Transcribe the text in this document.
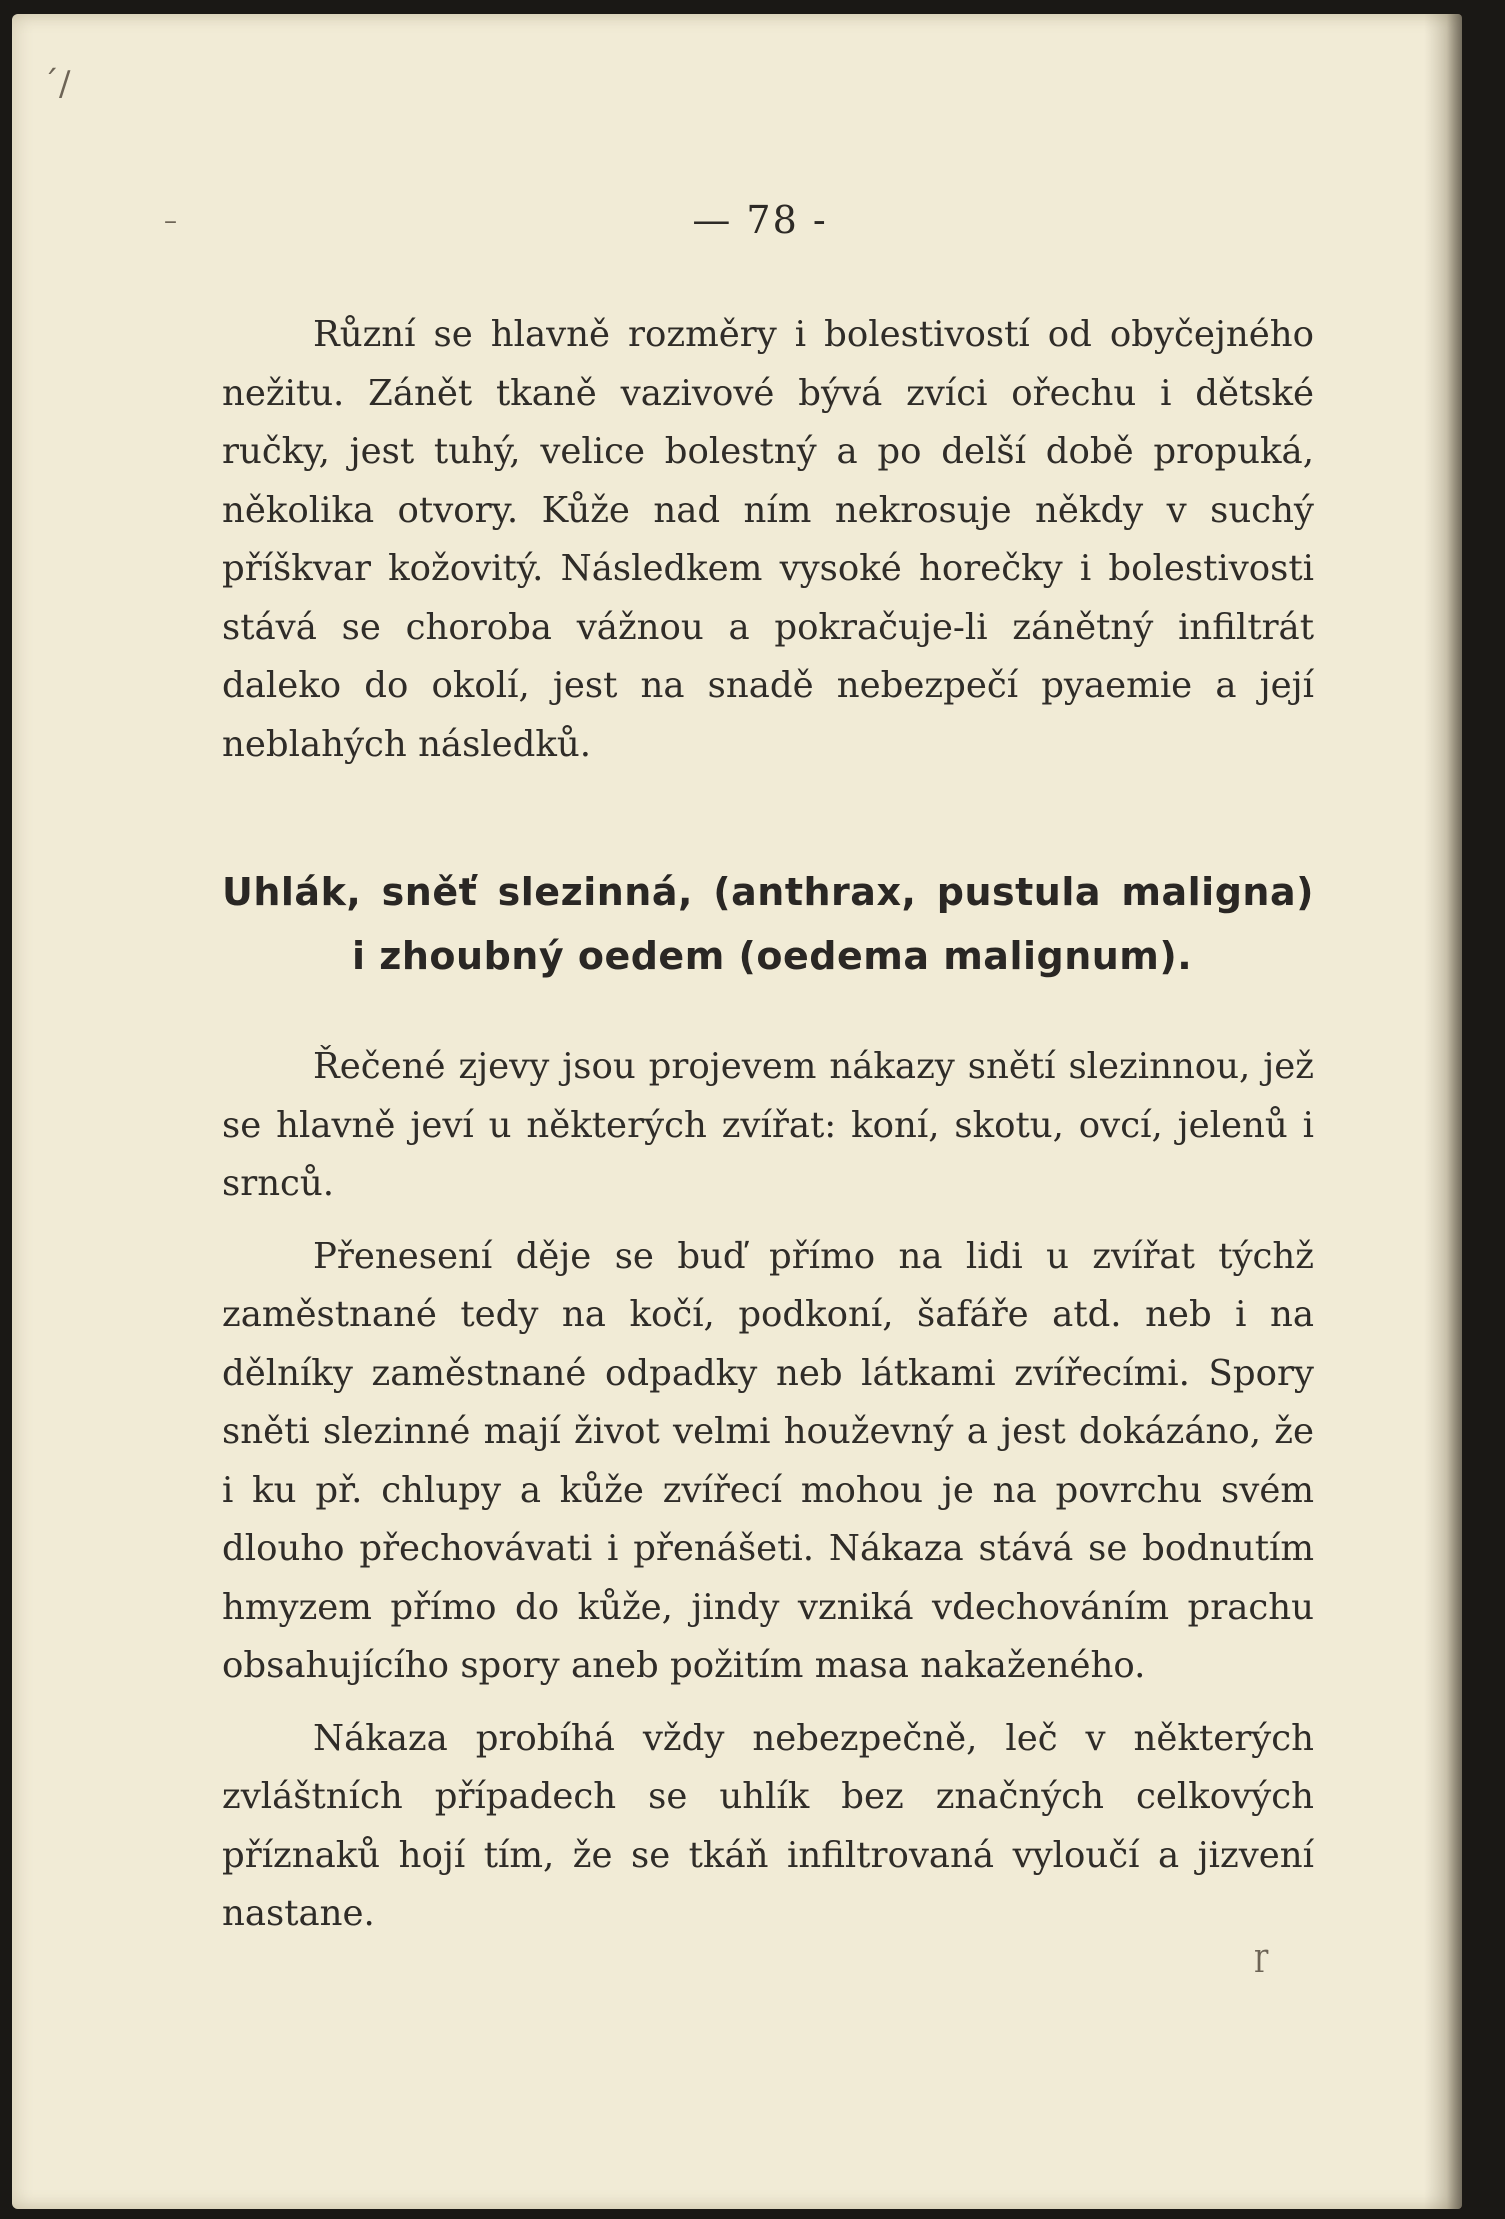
ˊ/
–
ɼ
— 78 -

Různí se hlavně rozměry i bolestivostí od obyčejného nežitu. Zánět tkaně vazivové bývá zvíci ořechu i dětské ručky, jest tuhý, velice bolestný a po delší době propuká, několika otvory. Kůže nad ním nekrosuje někdy v suchý příškvar kožovitý. Následkem vysoké horečky i bolestivosti stává se choroba vážnou a pokračuje-li zánětný infiltrát daleko do okolí, jest na snadě nebezpečí pyaemie a její neblahých následků.

Uhlák, sněť slezinná, (anthrax, pustula maligna)
i zhoubný oedem (oedema malignum).

Řečené zjevy jsou projevem nákazy snětí slezinnou, jež se hlavně jeví u některých zvířat: koní, skotu, ovcí, jelenů i srnců.

Přenesení děje se buď přímo na lidi u zvířat týchž zaměstnané tedy na kočí, podkoní, šafáře atd. neb i na dělníky zaměstnané odpadky neb látkami zvířecími. Spory sněti slezinné mají život velmi houževný a jest dokázáno, že i ku př. chlupy a kůže zvířecí mohou je na povrchu svém dlouho přechovávati i přenášeti. Nákaza stává se bodnutím hmyzem přímo do kůže, jindy vzniká vdechováním prachu obsahujícího spory aneb požitím masa nakaženého.

Nákaza probíhá vždy nebezpečně, leč v některých zvláštních případech se uhlík bez značných celkových příznaků hojí tím, že se tkáň infiltrovaná vyloučí a jizvení nastane.
